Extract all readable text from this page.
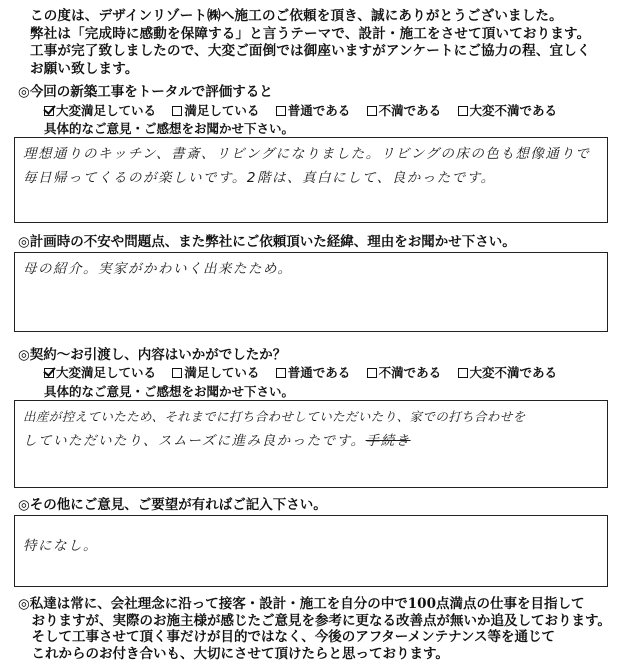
この度は、デザインリゾート㈱へ施工のご依頼を頂き、誠にありがとうございました。
弊社は「完成時に感動を保障する」と言うテーマで、設計・施工をさせて頂いております。
工事が完了致しましたので、大変ご面倒では御座いますがアンケートにご協力の程、宜しく
お願い致します。
◎今回の新築工事をトータルで評価すると
大変満足している 満足している 普通である 不満である 大変不満である
具体的なご意見・ご感想をお聞かせ下さい。
理想通りのキッチン、書斎、リビングになりました。リビングの床の色も想像通りで
毎日帰ってくるのが楽しいです。2階は、真白にして、良かったです。
◎計画時の不安や問題点、また弊社にご依頼頂いた経緯、理由をお聞かせ下さい。
母の紹介。実家がかわいく出来たため。
◎契約～お引渡し、内容はいかがでしたか？
大変満足している 満足している 普通である 不満である 大変不満である
具体的なご意見・ご感想をお聞かせ下さい。
出産が控えていたため、それまでに打ち合わせしていただいたり、家での打ち合わせを
していただいたり、スムーズに進み良かったです。手続き
◎その他にご意見、ご要望が有ればご記入下さい。
特になし。
◎私達は常に、会社理念に沿って接客・設計・施工を自分の中で100点満点の仕事を目指して
　おりますが、実際のお施主様が感じたご意見を参考に更なる改善点が無いか追及しております。
　そして工事させて頂く事だけが目的ではなく、今後のアフターメンテナンス等を通じて
　これからのお付き合いも、大切にさせて頂けたらと思っております。
